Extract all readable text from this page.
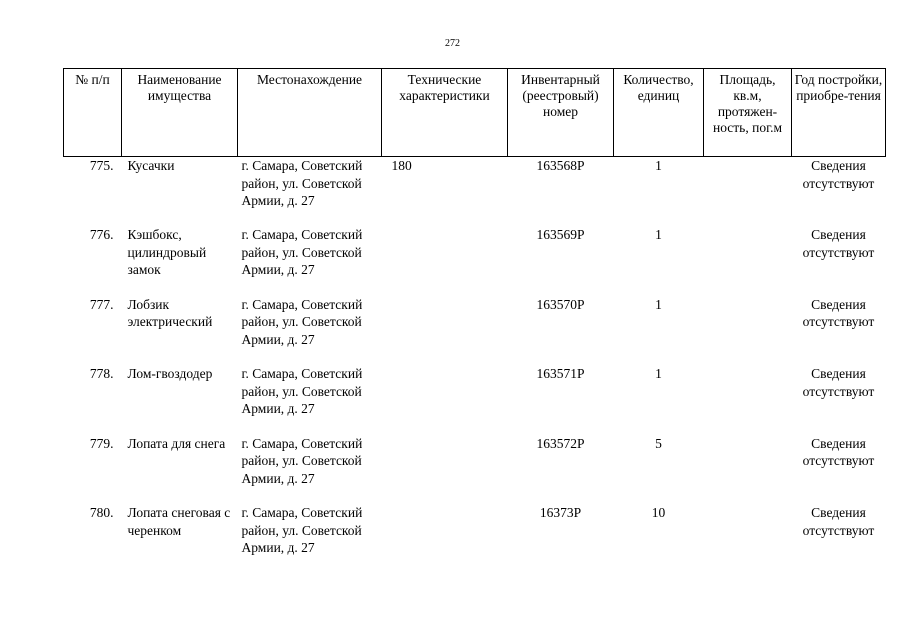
272
№ п/п	Наименование имущества	Местонахождение	Технические характеристики	Инвентарный (реестровый) номер	Количество, единиц	Площадь, кв.м, протяжен-ность, пог.м	Год постройки, приобре-тения
775.	Кусачки	г. Самара, Советский район, ул. Советской Армии, д. 27	180	163568Р	1		Сведения отсутствуют
776.	Кэшбокс, цилиндровый замок	г. Самара, Советский район, ул. Советской Армии, д. 27		163569Р	1		Сведения отсутствуют
777.	Лобзик электрический	г. Самара, Советский район, ул. Советской Армии, д. 27		163570Р	1		Сведения отсутствуют
778.	Лом-гвоздодер	г. Самара, Советский район, ул. Советской Армии, д. 27		163571Р	1		Сведения отсутствуют
779.	Лопата для снега	г. Самара, Советский район, ул. Советской Армии, д. 27		163572Р	5		Сведения отсутствуют
780.	Лопата снеговая с черенком	г. Самара, Советский район, ул. Советской Армии, д. 27		16373Р	10		Сведения отсутствуют
